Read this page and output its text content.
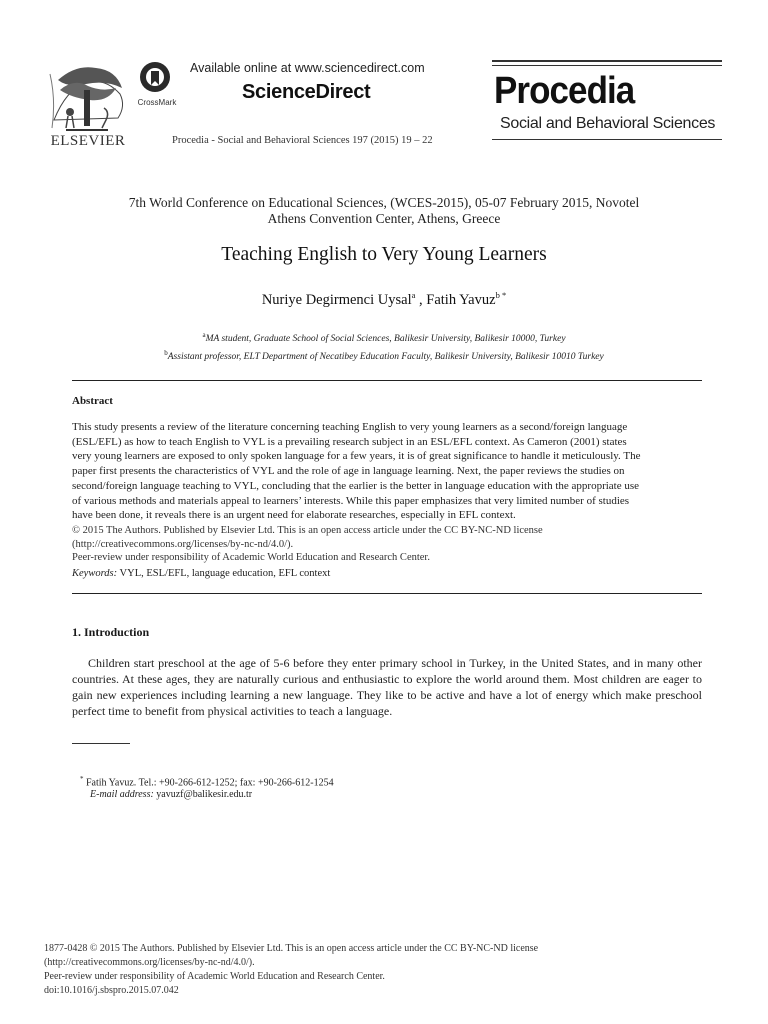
ELSEVIER
CrossMark
Available online at www.sciencedirect.com
ScienceDirect
Procedia - Social and Behavioral Sciences 197 (2015) 19 – 22
Procedia
Social and Behavioral Sciences
7th World Conference on Educational Sciences, (WCES-2015), 05-07 February 2015, Novotel
Athens Convention Center, Athens, Greece
Teaching English to Very Young Learners
Nuriye Degirmenci Uysal$^a$ , Fatih Yavuz$^{b *}$
$^a$MA student, Graduate School of Social Sciences, Balikesir University, Balikesir 10000, Turkey
$^b$Assistant professor, ELT Department of Necatibey Education Faculty, Balikesir University, Balikesir 10010 Turkey
Abstract
This study presents a review of the literature concerning teaching English to very young learners as a second/foreign language
(ESL/EFL) as how to teach English to VYL is a prevailing research subject in an ESL/EFL context. As Cameron (2001) states
very young learners are exposed to only spoken language for a few years, it is of great significance to handle it meticulously. The
paper first presents the characteristics of VYL and the role of age in language learning. Next, the paper reviews the studies on
second/foreign language teaching to VYL, concluding that the earlier is the better in language education with the appropriate use
of various methods and materials appeal to learners’ interests. While this paper emphasizes that very limited number of studies
have been done, it reveals there is an urgent need for elaborate researches, especially in EFL context.
© 2015 The Authors. Published by Elsevier Ltd. This is an open access article under the CC BY-NC-ND license
(http://creativecommons.org/licenses/by-nc-nd/4.0/).
Peer-review under responsibility of Academic World Education and Research Center.
Keywords: VYL, ESL/EFL, language education, EFL context
1. Introduction
Children start preschool at the age of 5-6 before they enter primary school in Turkey, in the United States, and in many other countries. At these ages, they are naturally curious and enthusiastic to explore the world around them. Most children are eager to gain new experiences including learning a new language. They like to be active and have a lot of energy which make preschool perfect time to benefit from physical activities to teach a language.
* Fatih Yavuz. Tel.: +90-266-612-1252; fax: +90-266-612-1254
E-mail address: yavuzf@balikesir.edu.tr
1877-0428 © 2015 The Authors. Published by Elsevier Ltd. This is an open access article under the CC BY-NC-ND license
(http://creativecommons.org/licenses/by-nc-nd/4.0/).
Peer-review under responsibility of Academic World Education and Research Center.
doi:10.1016/j.sbspro.2015.07.042
